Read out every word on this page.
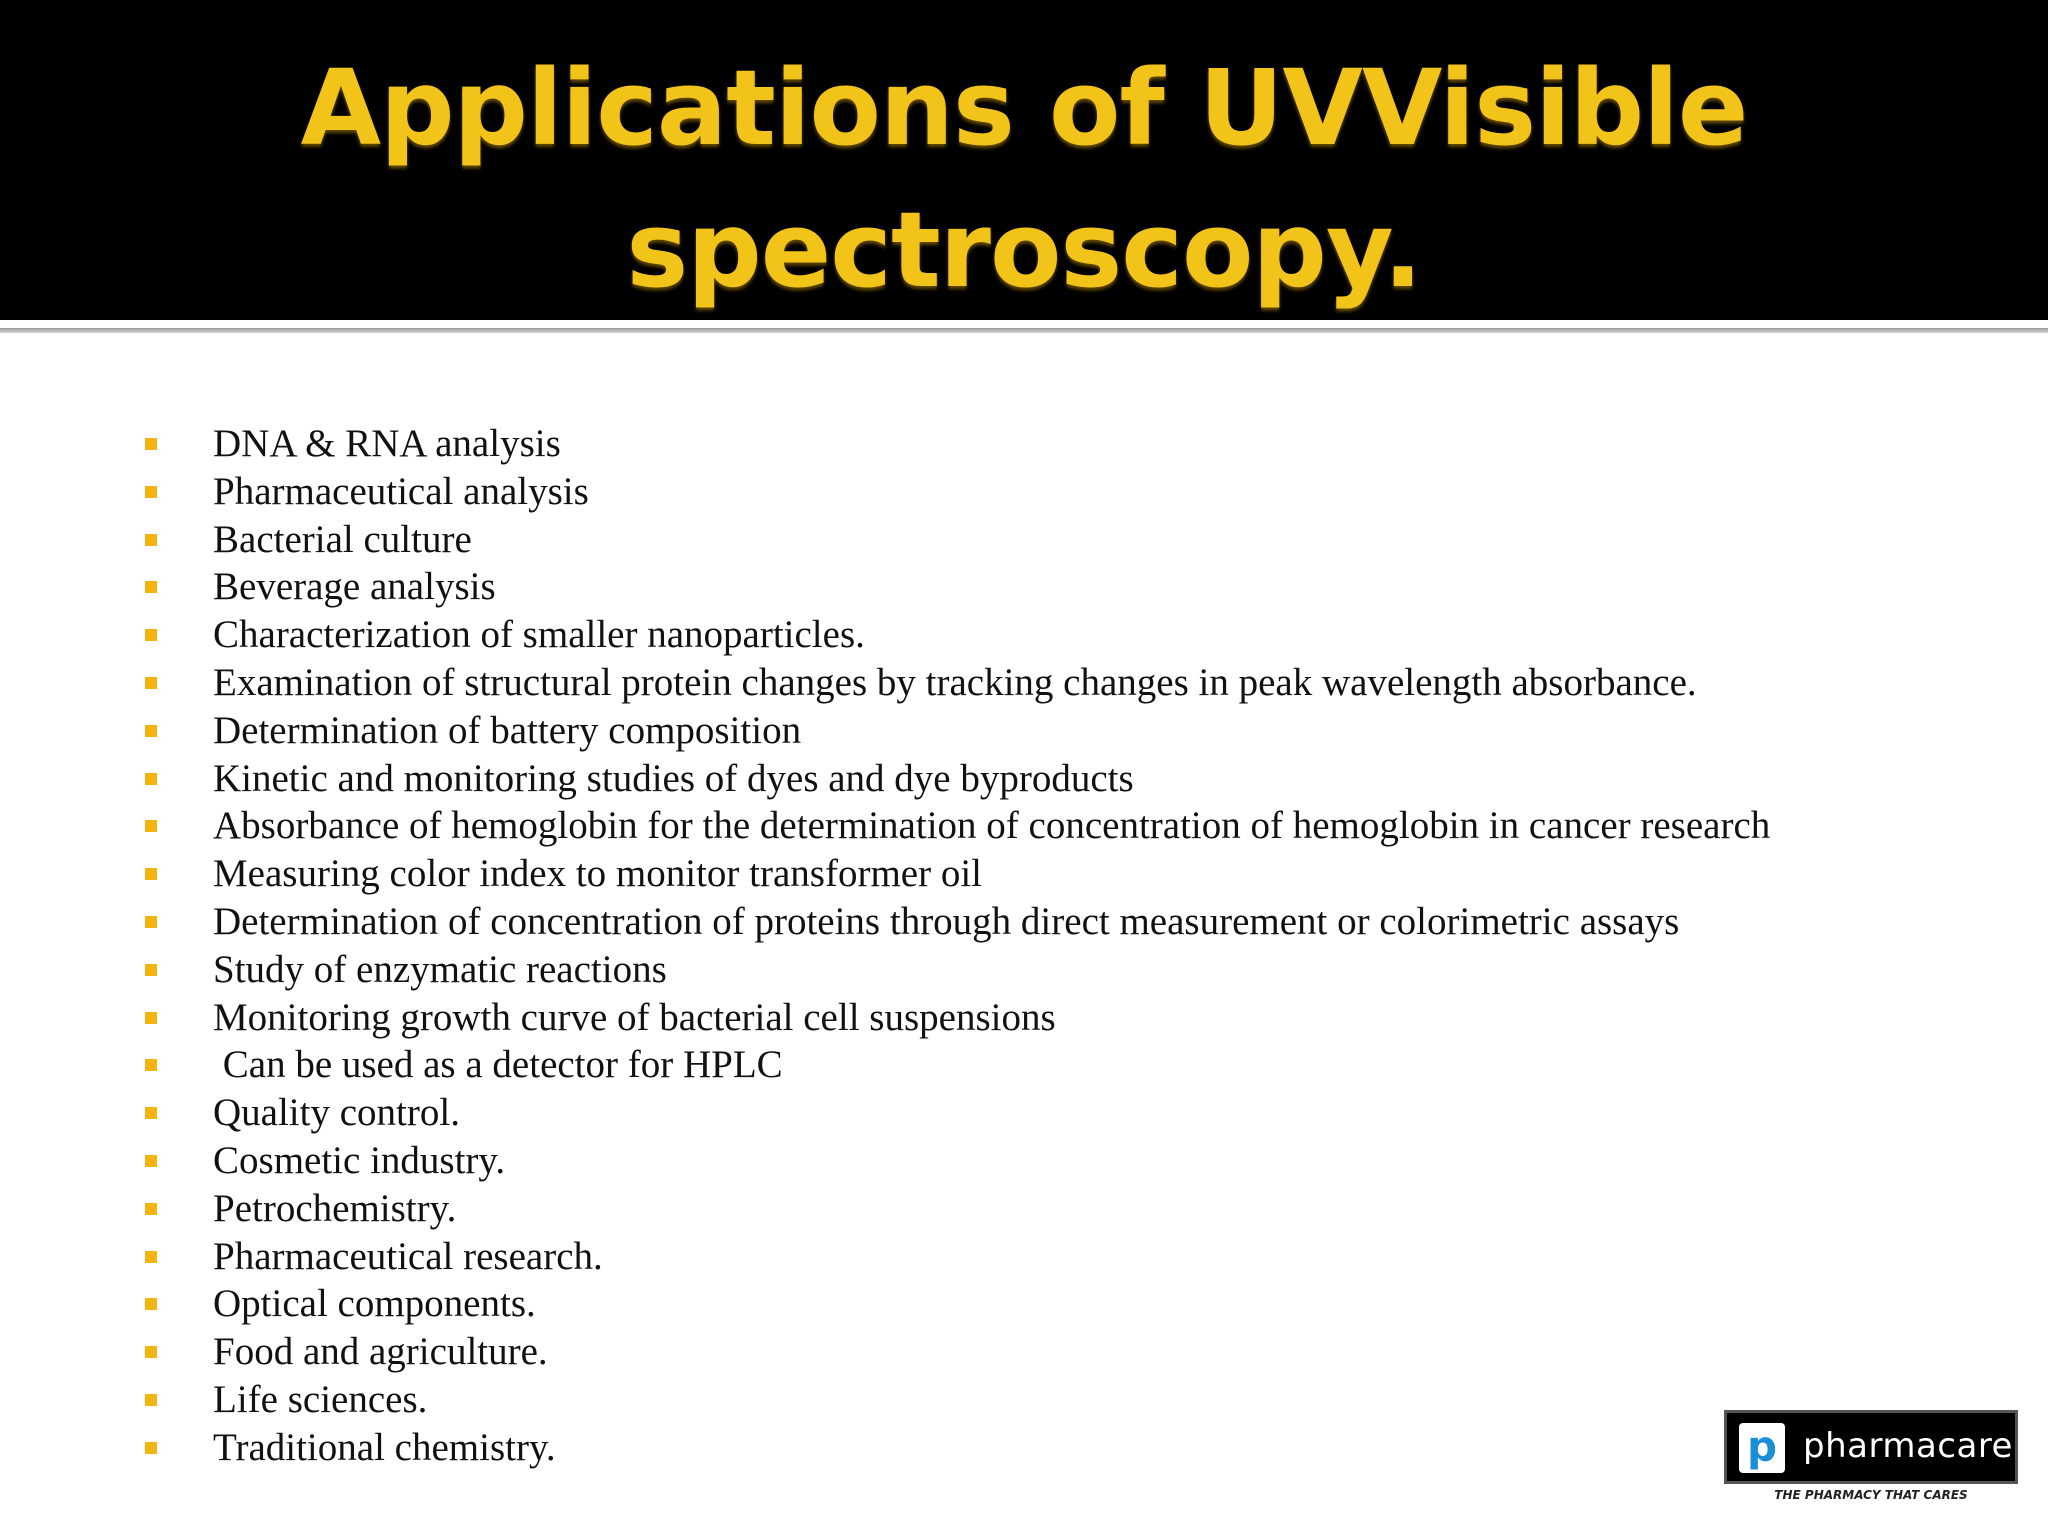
Applications of UVVisible
spectroscopy.
DNA & RNA analysis
Pharmaceutical analysis
Bacterial culture
Beverage analysis
Characterization of smaller nanoparticles.
Examination of structural protein changes by tracking changes in peak wavelength absorbance.
Determination of battery composition
Kinetic and monitoring studies of dyes and dye byproducts
Absorbance of hemoglobin for the determination of concentration of hemoglobin in cancer research
Measuring color index to monitor transformer oil
Determination of concentration of proteins through direct measurement or colorimetric assays
Study of enzymatic reactions
Monitoring growth curve of bacterial cell suspensions
Can be used as a detector for HPLC
Quality control.
Cosmetic industry.
Petrochemistry.
Pharmaceutical research.
Optical components.
Food and agriculture.
Life sciences.
Traditional chemistry.	p pharmacare
THE PHARMACY THAT CARES
